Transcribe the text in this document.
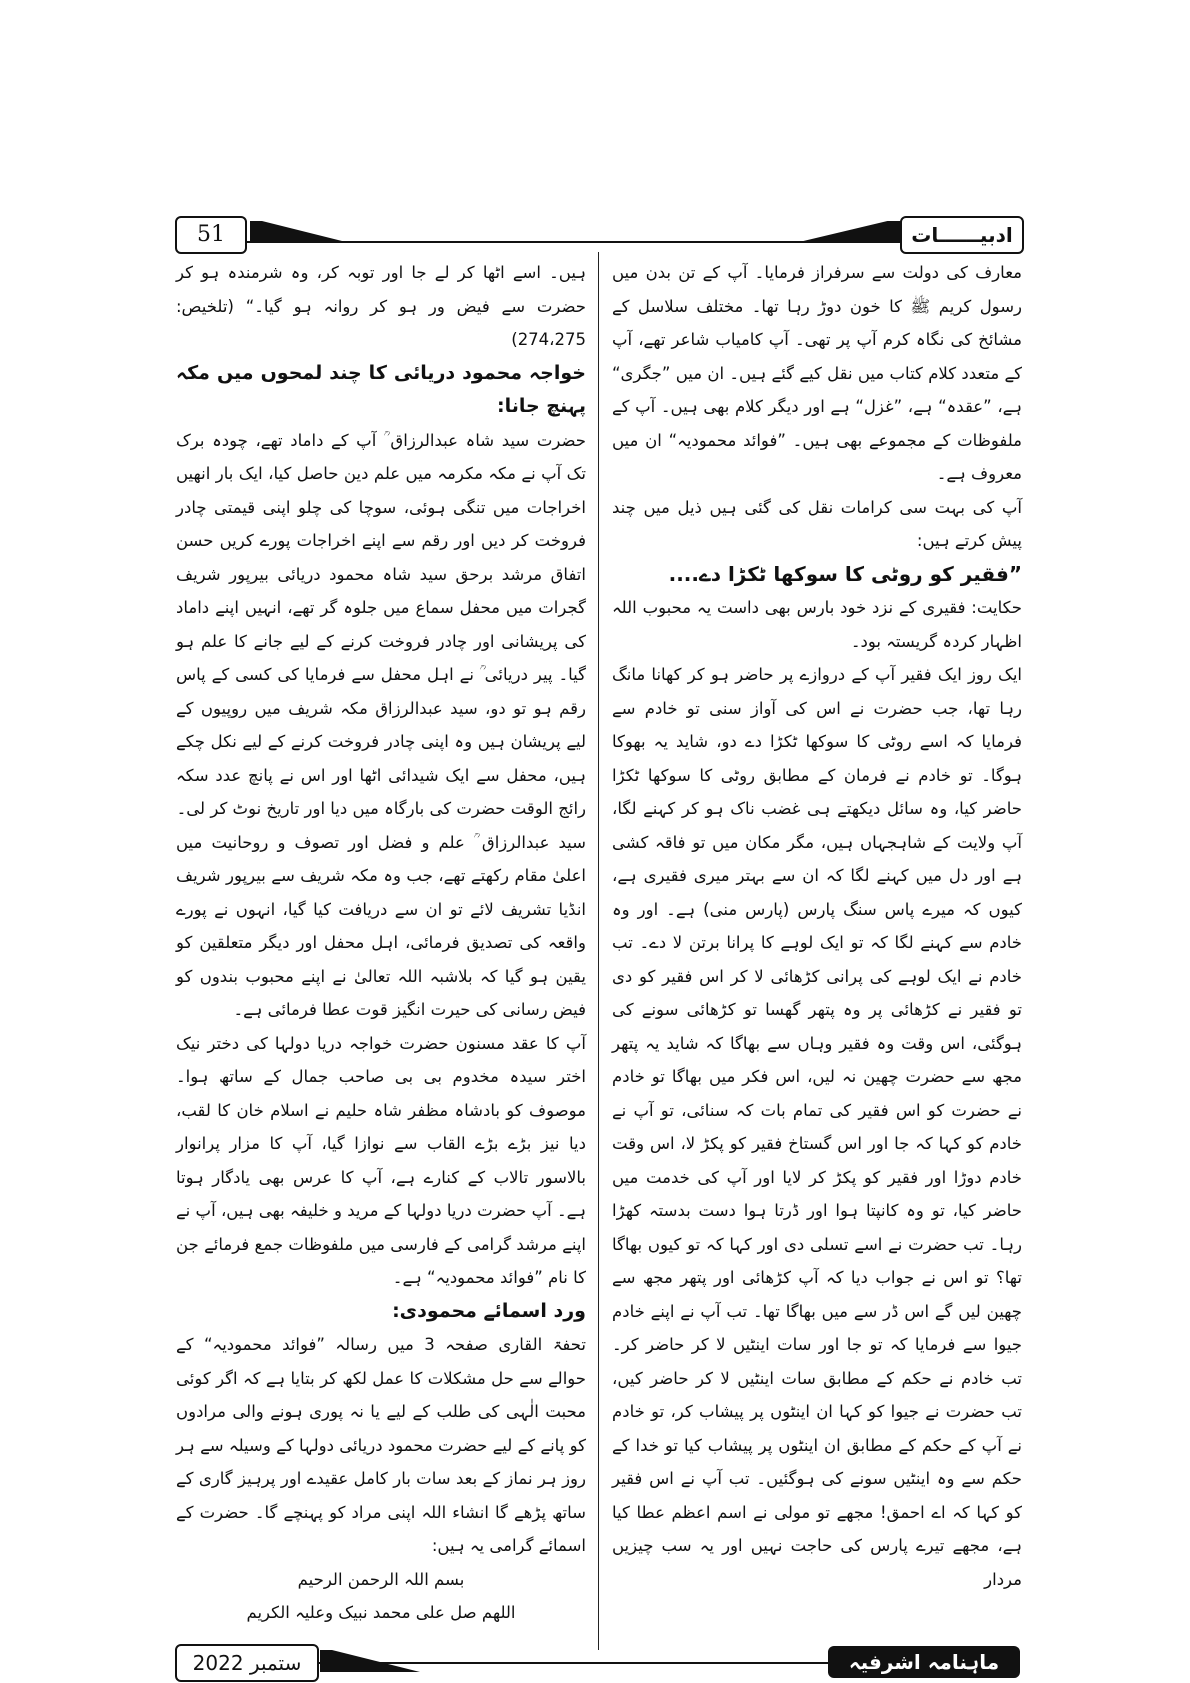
51	ادبیــــــات

معارف کی دولت سے سرفراز فرمایا۔ آپ کے تن بدن میں رسول کریم ﷺ کا خون دوڑ رہا تھا۔ مختلف سلاسل کے مشائخ کی نگاہ کرم آپ پر تھی۔ آپ کامیاب شاعر تھے، آپ کے متعدد کلام کتاب میں نقل کیے گئے ہیں۔ ان میں ”جگری“ ہے، ”عقدہ“ ہے، ”غزل“ ہے اور دیگر کلام بھی ہیں۔ آپ کے ملفوظات کے مجموعے بھی ہیں۔ ”فوائد محمودیہ“ ان میں معروف ہے۔

آپ کی بہت سی کرامات نقل کی گئی ہیں ذیل میں چند پیش کرتے ہیں:

”فقیر کو روٹی کا سوکھا ٹکڑا دے....

حکایت: فقیری کے نزد خود بارس بھی داست یہ محبوب اللہ اظہار کردہ گریستہ بود۔

ایک روز ایک فقیر آپ کے دروازے پر حاضر ہو کر کھانا مانگ رہا تھا، جب حضرت نے اس کی آواز سنی تو خادم سے فرمایا کہ اسے روٹی کا سوکھا ٹکڑا دے دو، شاید یہ بھوکا ہوگا۔ تو خادم نے فرمان کے مطابق روٹی کا سوکھا ٹکڑا حاضر کیا، وہ سائل دیکھتے ہی غضب ناک ہو کر کہنے لگا، آپ ولایت کے شاہجہاں ہیں، مگر مکان میں تو فاقہ کشی ہے اور دل میں کہنے لگا کہ ان سے بہتر میری فقیری ہے، کیوں کہ میرے پاس سنگ پارس (پارس منی) ہے۔ اور وہ خادم سے کہنے لگا کہ تو ایک لوہے کا پرانا برتن لا دے۔ تب خادم نے ایک لوہے کی پرانی کڑھائی لا کر اس فقیر کو دی تو فقیر نے کڑھائی پر وہ پتھر گھسا تو کڑھائی سونے کی ہوگئی، اس وقت وہ فقیر وہاں سے بھاگا کہ شاید یہ پتھر مجھ سے حضرت چھین نہ لیں، اس فکر میں بھاگا تو خادم نے حضرت کو اس فقیر کی تمام بات کہ سنائی، تو آپ نے خادم کو کہا کہ جا اور اس گستاخ فقیر کو پکڑ لا، اس وقت خادم دوڑا اور فقیر کو پکڑ کر لایا اور آپ کی خدمت میں حاضر کیا، تو وہ کانپتا ہوا اور ڈرتا ہوا دست بدستہ کھڑا رہا۔ تب حضرت نے اسے تسلی دی اور کہا کہ تو کیوں بھاگا تھا؟ تو اس نے جواب دیا کہ آپ کڑھائی اور پتھر مجھ سے چھین لیں گے اس ڈر سے میں بھاگا تھا۔ تب آپ نے اپنے خادم جیوا سے فرمایا کہ تو جا اور سات اینٹیں لا کر حاضر کر۔ تب خادم نے حکم کے مطابق سات اینٹیں لا کر حاضر کیں، تب حضرت نے جیوا کو کہا ان اینٹوں پر پیشاب کر، تو خادم نے آپ کے حکم کے مطابق ان اینٹوں پر پیشاب کیا تو خدا کے حکم سے وہ اینٹیں سونے کی ہوگئیں۔ تب آپ نے اس فقیر کو کہا کہ اے احمق! مجھے تو مولی نے اسم اعظم عطا کیا ہے، مجھے تیرے پارس کی حاجت نہیں اور یہ سب چیزیں مردار

ہیں۔ اسے اٹھا کر لے جا اور توبہ کر، وہ شرمندہ ہو کر حضرت سے فیض ور ہو کر روانہ ہو گیا۔“ (تلخیص: 274،275)

خواجہ محمود دریائی کا چند لمحوں میں مکہ پہنچ جانا:

حضرت سید شاہ عبدالرزاق ؒ آپ کے داماد تھے، چودہ برک تک آپ نے مکہ مکرمہ میں علم دین حاصل کیا، ایک بار انھیں اخراجات میں تنگی ہوئی، سوچا کی چلو اپنی قیمتی چادر فروخت کر دیں اور رقم سے اپنے اخراجات پورے کریں حسن اتفاق مرشد برحق سید شاہ محمود دریائی بیرپور شریف گجرات میں محفل سماع میں جلوہ گر تھے، انہیں اپنے داماد کی پریشانی اور چادر فروخت کرنے کے لیے جانے کا علم ہو گیا۔ پیر دریائی ؒ نے اہل محفل سے فرمایا کی کسی کے پاس رقم ہو تو دو، سید عبدالرزاق مکہ شریف میں روپیوں کے لیے پریشان ہیں وہ اپنی چادر فروخت کرنے کے لیے نکل چکے ہیں، محفل سے ایک شیدائی اٹھا اور اس نے پانچ عدد سکہ رائج الوقت حضرت کی بارگاہ میں دیا اور تاریخ نوٹ کر لی۔

سید عبدالرزاق ؒ علم و فضل اور تصوف و روحانیت میں اعلیٰ مقام رکھتے تھے، جب وہ مکہ شریف سے بیرپور شریف انڈیا تشریف لائے تو ان سے دریافت کیا گیا، انہوں نے پورے واقعہ کی تصدیق فرمائی، اہل محفل اور دیگر متعلقین کو یقین ہو گیا کہ بلاشبہ اللہ تعالیٰ نے اپنے محبوب بندوں کو فیض رسانی کی حیرت انگیز قوت عطا فرمائی ہے۔

آپ کا عقد مسنون حضرت خواجہ دریا دولہا کی دختر نیک اختر سیدہ مخدوم بی بی صاحب جمال کے ساتھ ہوا۔ موصوف کو بادشاہ مظفر شاہ حلیم نے اسلام خان کا لقب، دیا نیز بڑے بڑے القاب سے نوازا گیا، آپ کا مزار پرانوار بالاسور تالاب کے کنارے ہے، آپ کا عرس بھی یادگار ہوتا ہے۔ آپ حضرت دریا دولہا کے مرید و خلیفہ بھی ہیں، آپ نے اپنے مرشد گرامی کے فارسی میں ملفوظات جمع فرمائے جن کا نام ”فوائد محمودیہ“ ہے۔

ورد اسمائے محمودی:

تحفۃ القاری صفحہ 3 میں رسالہ ”فوائد محمودیہ“ کے حوالے سے حل مشکلات کا عمل لکھ کر بتایا ہے کہ اگر کوئی محبت الٰہی کی طلب کے لیے یا نہ پوری ہونے والی مرادوں کو پانے کے لیے حضرت محمود دریائی دولہا کے وسیلہ سے ہر روز ہر نماز کے بعد سات بار کامل عقیدے اور پرہیز گاری کے ساتھ پڑھے گا انشاء اللہ اپنی مراد کو پہنچے گا۔ حضرت کے اسمائے گرامی یہ ہیں:

بسم اللہ الرحمن الرحیم

اللھم صل علی محمد نبیک وعلیہ الکریم

ستمبر 2022	ماہنامہ اشرفیہ
